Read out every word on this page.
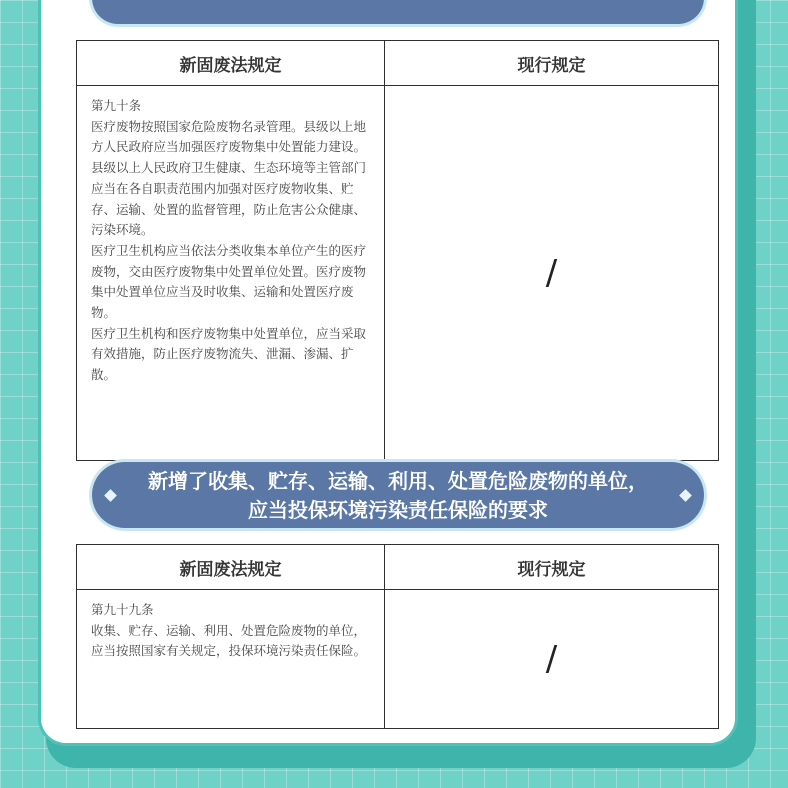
新固废法规定	现行规定

第九十条

医疗废物按照国家危险废物名录管理。县级以上地方人民政府应当加强医疗废物集中处置能力建设。

县级以上人民政府卫生健康、生态环境等主管部门应当在各自职责范围内加强对医疗废物收集、贮存、运输、处置的监督管理，防止危害公众健康、污染环境。

医疗卫生机构应当依法分类收集本单位产生的医疗废物，交由医疗废物集中处置单位处置。医疗废物集中处置单位应当及时收集、运输和处置医疗废物。

医疗卫生机构和医疗废物集中处置单位，应当采取有效措施，防止医疗废物流失、泄漏、渗漏、扩散。	/
新增了收集、贮存、运输、利用、处置危险废物的单位，
应当投保环境污染责任保险的要求
新固废法规定	现行规定

第九十九条

收集、贮存、运输、利用、处置危险废物的单位，应当按照国家有关规定，投保环境污染责任保险。	/
